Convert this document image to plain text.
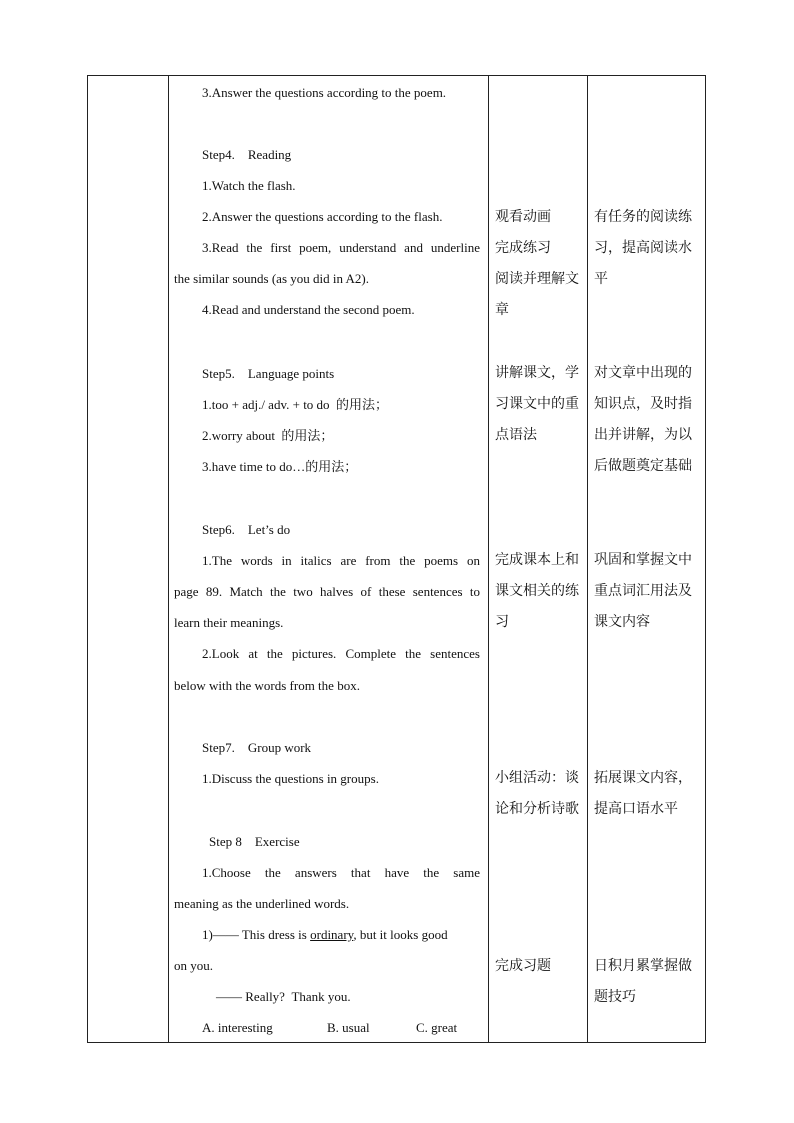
3.Answer the questions according to the poem.
Step4.    Reading
1.Watch the flash.
2.Answer the questions according to the flash.
3.Read the first poem, understand and underline
the similar sounds (as you did in A2).
4.Read and understand the second poem.
Step5.    Language points
1.too + adj./ adv. + to do  的用法；
2.worry about  的用法；
3.have time to do…的用法；
Step6.    Let’s do
1.The words in italics are from the poems on
page 89. Match the two halves of these sentences to
learn their meanings.
2.Look at the pictures. Complete the sentences
below with the words from the box.
Step7.    Group work
1.Discuss the questions in groups.
Step 8    Exercise
1.Choose the answers that have the same
meaning as the underlined words.
1)—— This dress is ordinary, but it looks good
on you.
—— Really?  Thank you.
A. interesting	B. usual	C. great
观看动画
完成练习
阅读并理解文
章
讲解课文，学
习课文中的重
点语法
完成课本上和
课文相关的练
习
小组活动：谈
论和分析诗歌
完成习题
有任务的阅读练
习，提高阅读水
平
对文章中出现的
知识点，及时指
出并讲解，为以
后做题奠定基础
巩固和掌握文中
重点词汇用法及
课文内容
拓展课文内容，
提高口语水平
日积月累掌握做
题技巧
